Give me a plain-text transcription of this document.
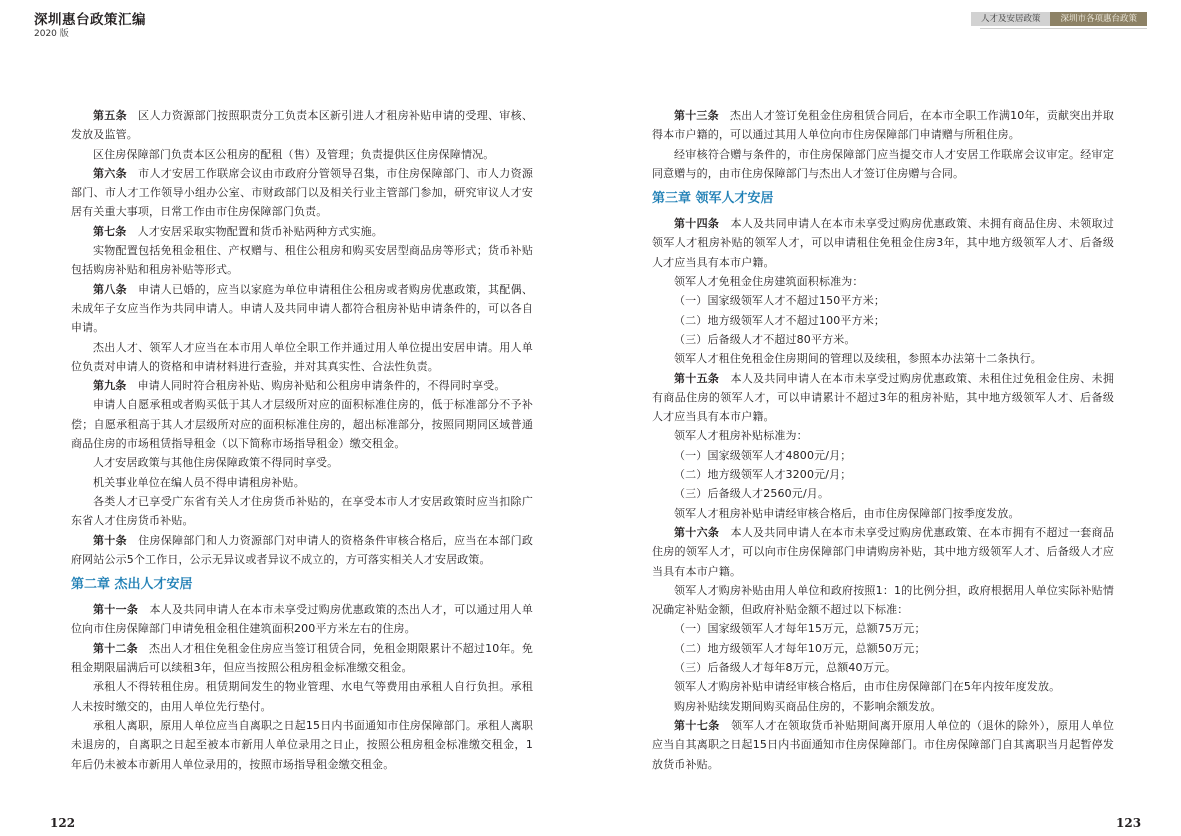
深圳惠台政策汇编
2020 版
人才及安居政策	深圳市各项惠台政策

第五条　 区人力资源部门按照职责分工负责本区新引进人才租房补贴申请的受理、审核、发放及监管。

区住房保障部门负责本区公租房的配租（售）及管理；负责提供区住房保障情况。

第六条　 市人才安居工作联席会议由市政府分管领导召集，市住房保障部门、市人力资源部门、市人才工作领导小组办公室、市财政部门以及相关行业主管部门参加，研究审议人才安居有关重大事项，日常工作由市住房保障部门负责。

第七条　 人才安居采取实物配置和货币补贴两种方式实施。

实物配置包括免租金租住、产权赠与、租住公租房和购买安居型商品房等形式；货币补贴包括购房补贴和租房补贴等形式。

第八条　 申请人已婚的，应当以家庭为单位申请租住公租房或者购房优惠政策，其配偶、未成年子女应当作为共同申请人。申请人及共同申请人都符合租房补贴申请条件的，可以各自申请。

杰出人才、领军人才应当在本市用人单位全职工作并通过用人单位提出安居申请。用人单位负责对申请人的资格和申请材料进行查验，并对其真实性、合法性负责。

第九条　 申请人同时符合租房补贴、购房补贴和公租房申请条件的，不得同时享受。

申请人自愿承租或者购买低于其人才层级所对应的面积标准住房的，低于标准部分不予补偿；自愿承租高于其人才层级所对应的面积标准住房的，超出标准部分，按照同期同区域普通商品住房的市场租赁指导租金（以下简称市场指导租金）缴交租金。

人才安居政策与其他住房保障政策不得同时享受。

机关事业单位在编人员不得申请租房补贴。

各类人才已享受广东省有关人才住房货币补贴的，在享受本市人才安居政策时应当扣除广东省人才住房货币补贴。

第十条　 住房保障部门和人力资源部门对申请人的资格条件审核合格后，应当在本部门政府网站公示5个工作日，公示无异议或者异议不成立的，方可落实相关人才安居政策。

第二章 杰出人才安居

第十一条　 本人及共同申请人在本市未享受过购房优惠政策的杰出人才，可以通过用人单位向市住房保障部门申请免租金租住建筑面积200平方米左右的住房。

第十二条　 杰出人才租住免租金住房应当签订租赁合同，免租金期限累计不超过10年。免租金期限届满后可以续租3年，但应当按照公租房租金标准缴交租金。

承租人不得转租住房。租赁期间发生的物业管理、水电气等费用由承租人自行负担。承租人未按时缴交的，由用人单位先行垫付。

承租人离职，原用人单位应当自离职之日起15日内书面通知市住房保障部门。承租人离职未退房的，自离职之日起至被本市新用人单位录用之日止，按照公租房租金标准缴交租金，1年后仍未被本市新用人单位录用的，按照市场指导租金缴交租金。

第十三条　 杰出人才签订免租金住房租赁合同后，在本市全职工作满10年，贡献突出并取得本市户籍的，可以通过其用人单位向市住房保障部门申请赠与所租住房。

经审核符合赠与条件的，市住房保障部门应当提交市人才安居工作联席会议审定。经审定同意赠与的，由市住房保障部门与杰出人才签订住房赠与合同。

第三章 领军人才安居

第十四条　 本人及共同申请人在本市未享受过购房优惠政策、未拥有商品住房、未领取过领军人才租房补贴的领军人才，可以申请租住免租金住房3年，其中地方级领军人才、后备级人才应当具有本市户籍。

领军人才免租金住房建筑面积标准为：

（一）国家级领军人才不超过150平方米；

（二）地方级领军人才不超过100平方米；

（三）后备级人才不超过80平方米。

领军人才租住免租金住房期间的管理以及续租，参照本办法第十二条执行。

第十五条　 本人及共同申请人在本市未享受过购房优惠政策、未租住过免租金住房、未拥有商品住房的领军人才，可以申请累计不超过3年的租房补贴，其中地方级领军人才、后备级人才应当具有本市户籍。

领军人才租房补贴标准为：

（一）国家级领军人才4800元/月；

（二）地方级领军人才3200元/月；

（三）后备级人才2560元/月。

领军人才租房补贴申请经审核合格后，由市住房保障部门按季度发放。

第十六条　 本人及共同申请人在本市未享受过购房优惠政策、在本市拥有不超过一套商品住房的领军人才，可以向市住房保障部门申请购房补贴，其中地方级领军人才、后备级人才应当具有本市户籍。

领军人才购房补贴由用人单位和政府按照1：1的比例分担，政府根据用人单位实际补贴情况确定补贴金额，但政府补贴金额不超过以下标准：

（一）国家级领军人才每年15万元，总额75万元；

（二）地方级领军人才每年10万元，总额50万元；

（三）后备级人才每年8万元，总额40万元。

领军人才购房补贴申请经审核合格后，由市住房保障部门在5年内按年度发放。

购房补贴续发期间购买商品住房的，不影响余额发放。

第十七条　 领军人才在领取货币补贴期间离开原用人单位的（退休的除外），原用人单位应当自其离职之日起15日内书面通知市住房保障部门。市住房保障部门自其离职当月起暂停发放货币补贴。

122	123
